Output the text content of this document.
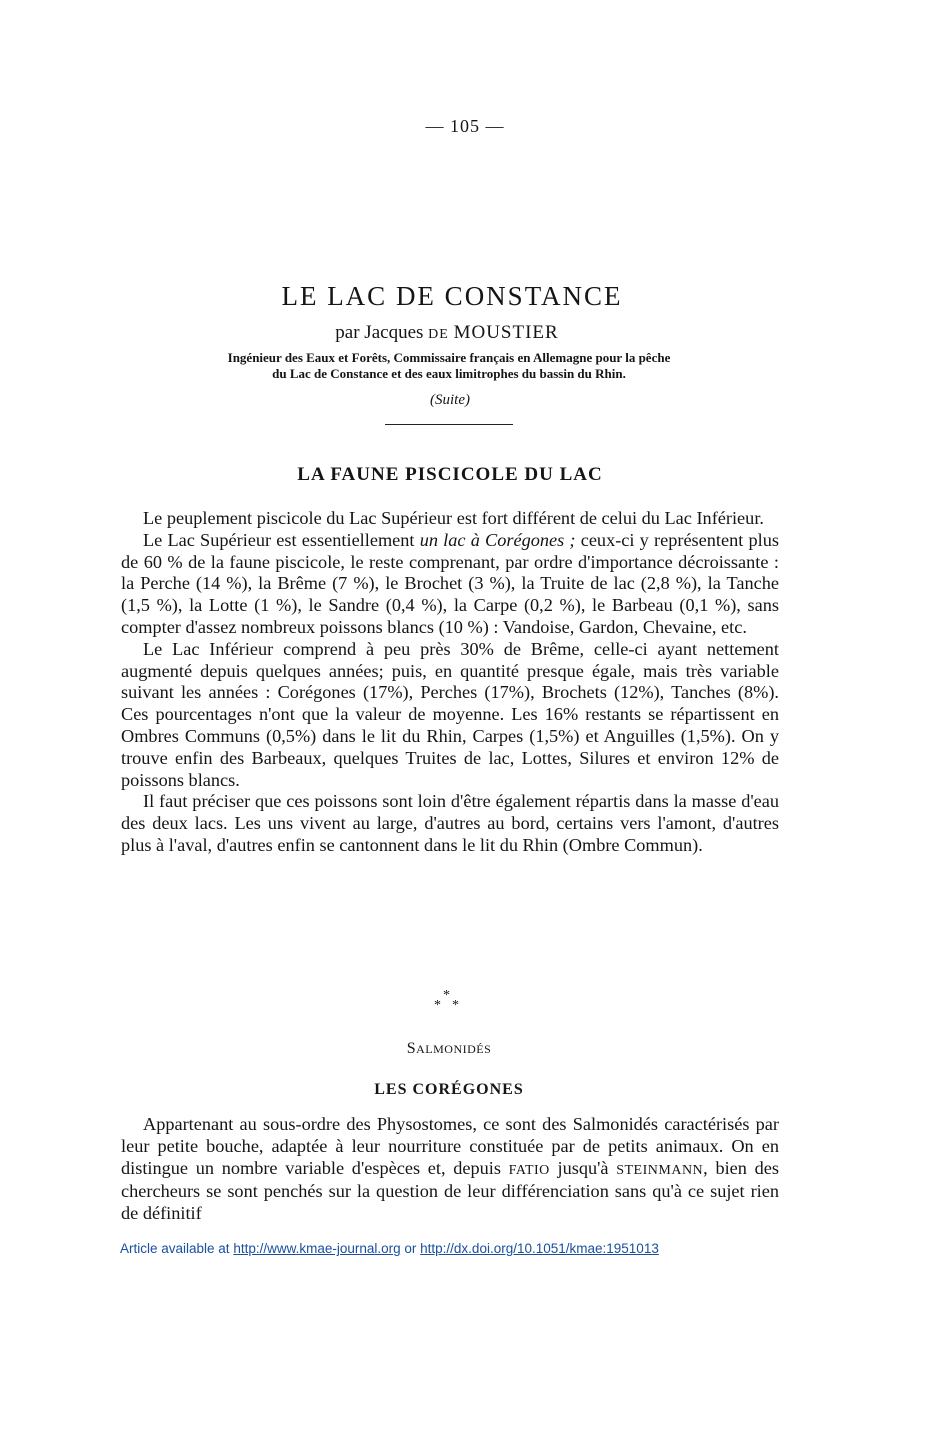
— 105 —
LE LAC DE CONSTANCE
par Jacques DE MOUSTIER
Ingénieur des Eaux et Forêts, Commissaire français en Allemagne pour la pêche
du Lac de Constance et des eaux limitrophes du bassin du Rhin.
(Suite)
LA FAUNE PISCICOLE DU LAC

Le peuplement piscicole du Lac Supérieur est fort différent de celui du Lac Inférieur.

Le Lac Supérieur est essentiellement un lac à Corégones ; ceux-ci y représentent plus de 60 % de la faune piscicole, le reste comprenant, par ordre d'importance décroissante : la Perche (14 %), la Brême (7 %), le Brochet (3 %), la Truite de lac (2,8 %), la Tanche (1,5 %), la Lotte (1 %), le Sandre (0,4 %), la Carpe (0,2 %), le Barbeau (0,1 %), sans compter d'assez nombreux poissons blancs (10 %) : Vandoise, Gardon, Chevaine, etc.

Le Lac Inférieur comprend à peu près 30% de Brême, celle-ci ayant nettement augmenté depuis quelques années; puis, en quantité presque égale, mais très variable suivant les années : Corégones (17%), Perches (17%), Brochets (12%), Tanches (8%). Ces pourcentages n'ont que la valeur de moyenne. Les 16% restants se répartissent en Ombres Communs (0,5%) dans le lit du Rhin, Carpes (1,5%) et Anguilles (1,5%). On y trouve enfin des Barbeaux, quelques Truites de lac, Lottes, Silures et environ 12% de poissons blancs.

Il faut préciser que ces poissons sont loin d'être également répartis dans la masse d'eau des deux lacs. Les uns vivent au large, d'autres au bord, certains vers l'amont, d'autres plus à l'aval, d'autres enfin se cantonnent dans le lit du Rhin (Ombre Commun).

*
* *
SALMONIDÉS
LES CORÉGONES

Appartenant au sous-ordre des Physostomes, ce sont des Salmonidés caractérisés par leur petite bouche, adaptée à leur nourriture constituée par de petits animaux. On en distingue un nombre variable d'espèces et, depuis FATIO jusqu'à STEINMANN, bien des chercheurs se sont penchés sur la question de leur différenciation sans qu'à ce sujet rien de définitif

Article available at http://www.kmae-journal.org or http://dx.doi.org/10.1051/kmae:1951013
